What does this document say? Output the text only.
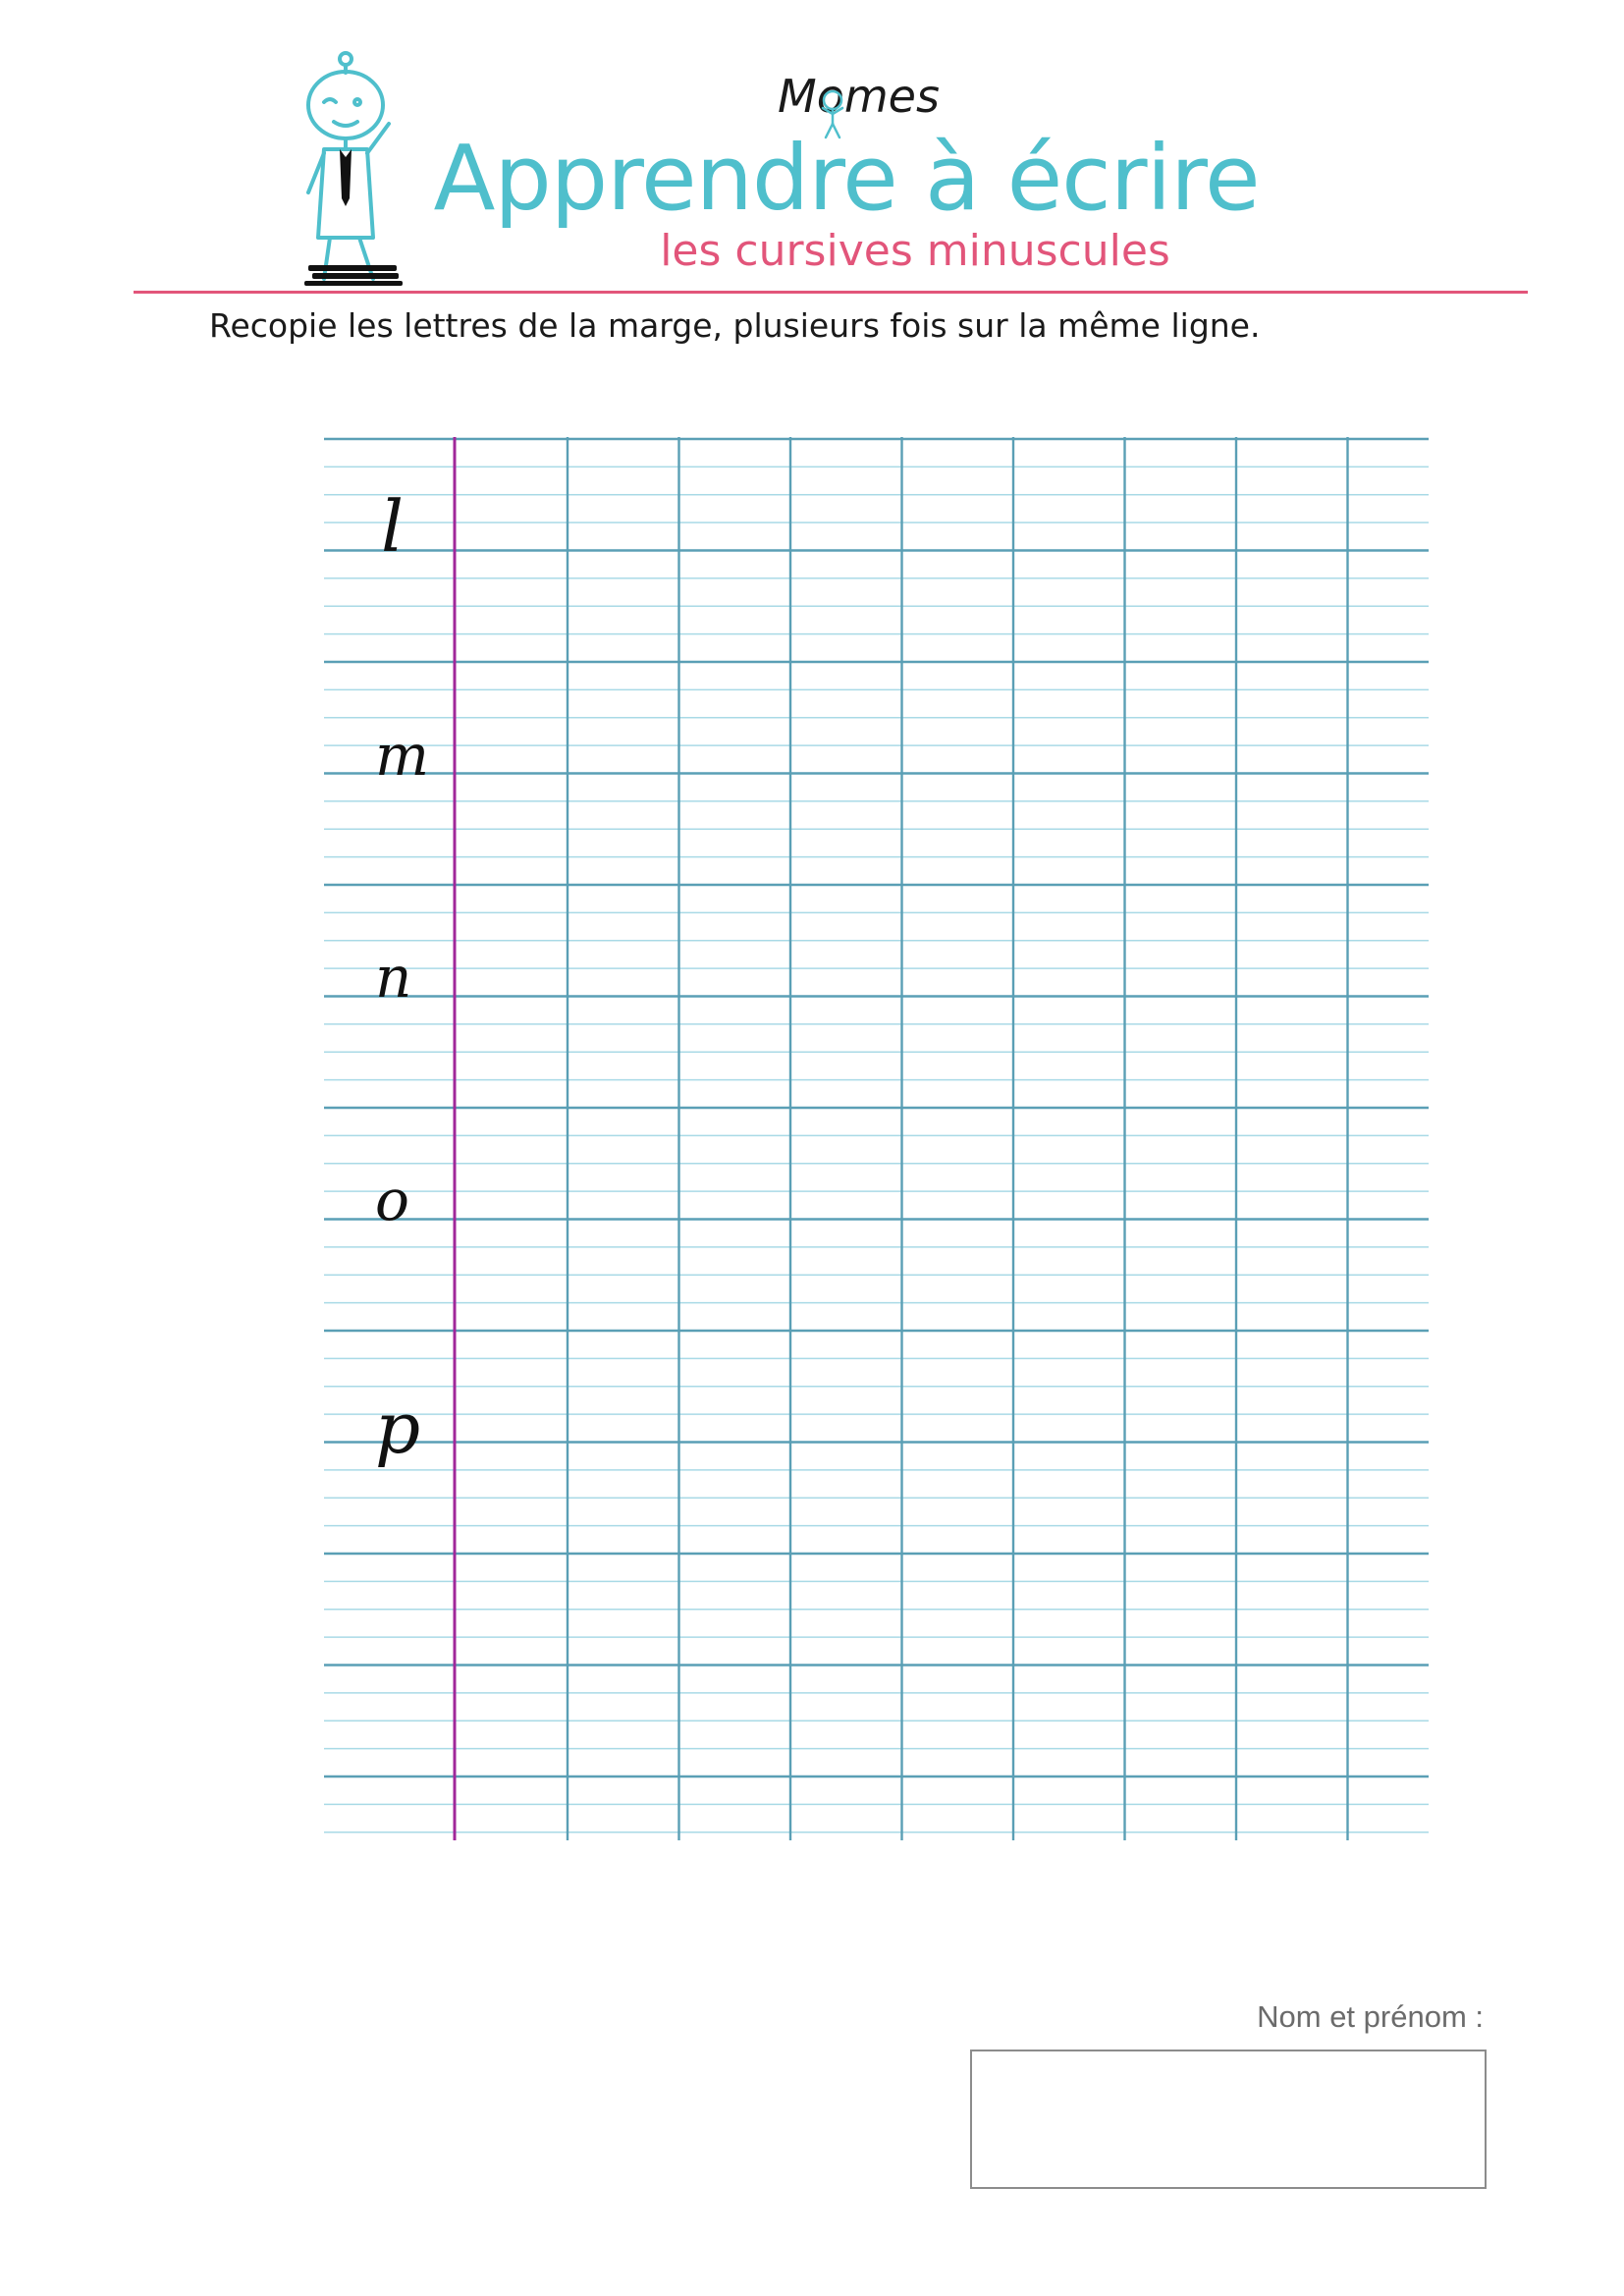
Momes
Apprendre à écrire
les cursives minuscules
Recopie les lettres de la marge, plusieurs fois sur la même ligne.
l
m
n
o
p
Nom et prénom :
